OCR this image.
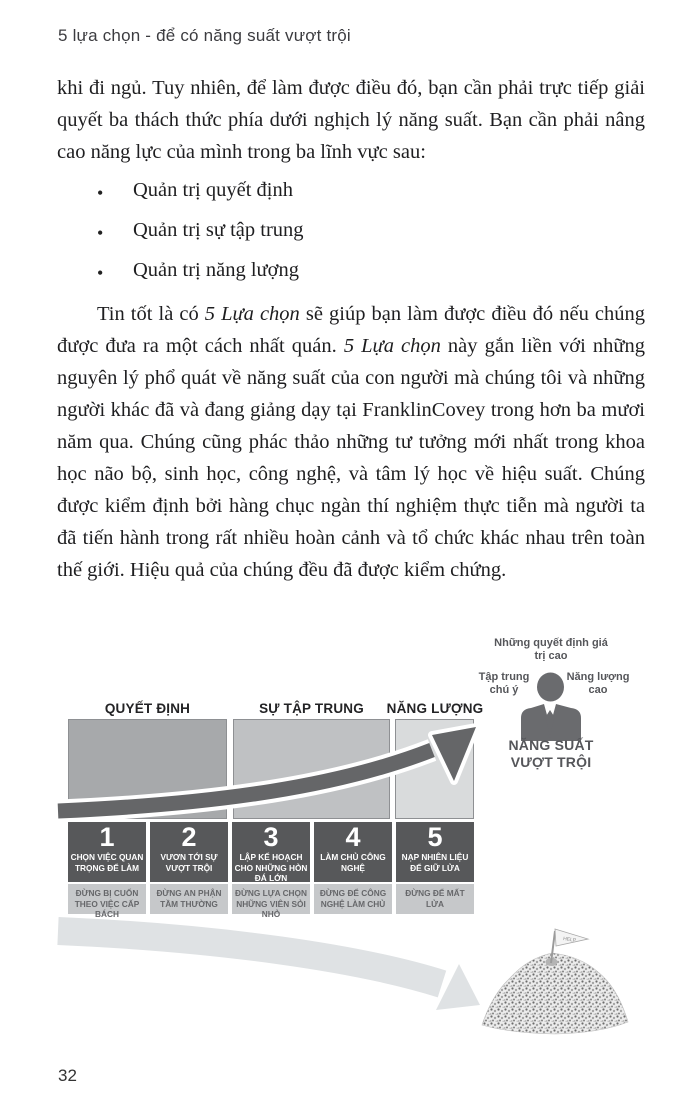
5 lựa chọn - để có năng suất vượt trội

khi đi ngủ. Tuy nhiên, để làm được điều đó, bạn cần phải trực tiếp giải quyết ba thách thức phía dưới nghịch lý năng suất. Bạn cần phải nâng cao năng lực của mình trong ba lĩnh vực sau:

•
Quản trị quyết định
•
Quản trị sự tập trung
•
Quản trị năng lượng

Tin tốt là có 5 Lựa chọn sẽ giúp bạn làm được điều đó nếu chúng được đưa ra một cách nhất quán. 5 Lựa chọn này gắn liền với những nguyên lý phổ quát về năng suất của con người mà chúng tôi và những người khác đã và đang giảng dạy tại FranklinCovey trong hơn ba mươi năm qua. Chúng cũng phác thảo những tư tưởng mới nhất trong khoa học não bộ, sinh học, công nghệ, và tâm lý học về hiệu suất. Chúng được kiểm định bởi hàng chục ngàn thí nghiệm thực tiễn mà người ta đã tiến hành trong rất nhiều hoàn cảnh và tổ chức khác nhau trên toàn thế giới. Hiệu quả của chúng đều đã được kiểm chứng.

QUYẾT ĐỊNH	SỰ TẬP TRUNG	NĂNG LƯỢNG
HELP
1
CHỌN VIỆC QUAN TRỌNG ĐỂ LÀM
ĐỪNG BỊ CUỐN THEO VIỆC CẤP BÁCH
2
VƯƠN TỚI SỰ VƯỢT TRỘI
ĐỪNG AN PHẬN TẦM THƯỜNG
3
LẬP KẾ HOẠCH CHO NHỮNG HÒN ĐÁ LỚN
ĐỪNG LỰA CHỌN NHỮNG VIÊN SỎI NHỎ
4
LÀM CHỦ CÔNG NGHỆ
ĐỪNG ĐỂ CÔNG NGHỆ LÀM CHỦ
5
NẠP NHIÊN LIỆU ĐỂ GIỮ LỬA
ĐỪNG ĐỂ MẤT LỬA
Những quyết định giá trị cao
Tập trung chú ý
Năng lượng cao
NĂNG SUẤT VƯỢT TRỘI
32
